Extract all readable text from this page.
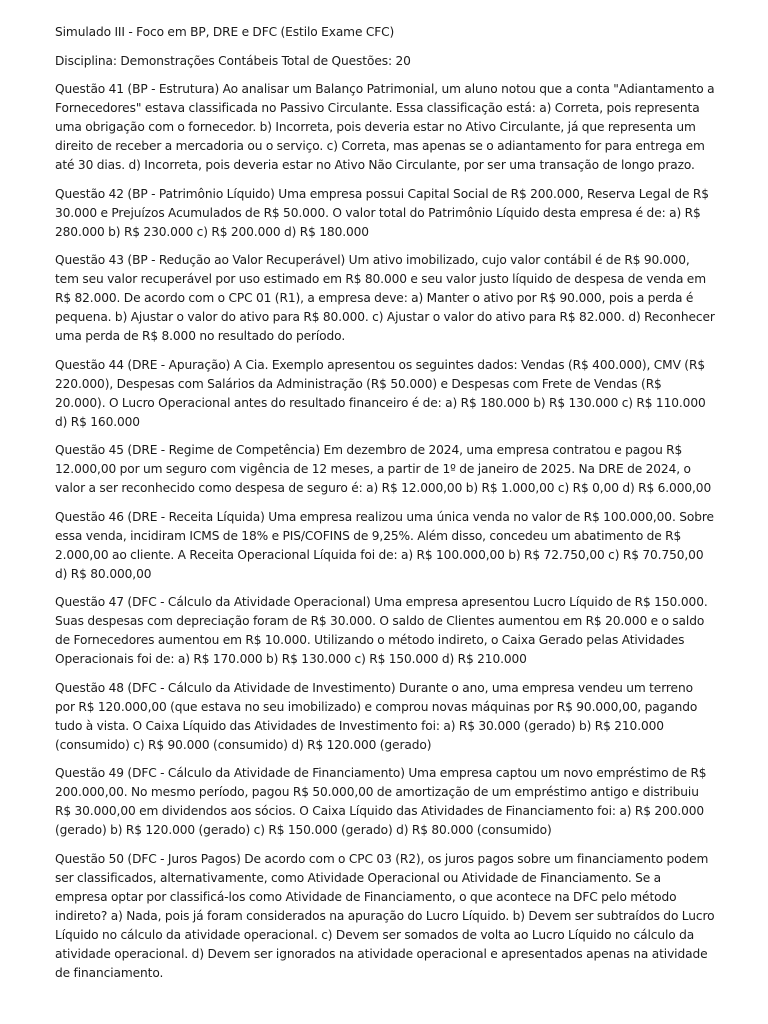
Simulado III - Foco em BP, DRE e DFC (Estilo Exame CFC)

Disciplina: Demonstrações Contábeis Total de Questões: 20

Questão 41 (BP - Estrutura) Ao analisar um Balanço Patrimonial, um aluno notou que a conta "Adiantamento a Fornecedores" estava classificada no Passivo Circulante. Essa classificação está: a) Correta, pois representa uma obrigação com o fornecedor. b) Incorreta, pois deveria estar no Ativo Circulante, já que representa um direito de receber a mercadoria ou o serviço. c) Correta, mas apenas se o adiantamento for para entrega em até 30 dias. d) Incorreta, pois deveria estar no Ativo Não Circulante, por ser uma transação de longo prazo.

Questão 42 (BP - Patrimônio Líquido) Uma empresa possui Capital Social de R$ 200.000, Reserva Legal de R$ 30.000 e Prejuízos Acumulados de R$ 50.000. O valor total do Patrimônio Líquido desta empresa é de: a) R$ 280.000 b) R$ 230.000 c) R$ 200.000 d) R$ 180.000

Questão 43 (BP - Redução ao Valor Recuperável) Um ativo imobilizado, cujo valor contábil é de R$ 90.000, tem seu valor recuperável por uso estimado em R$ 80.000 e seu valor justo líquido de despesa de venda em R$ 82.000. De acordo com o CPC 01 (R1), a empresa deve: a) Manter o ativo por R$ 90.000, pois a perda é pequena. b) Ajustar o valor do ativo para R$ 80.000. c) Ajustar o valor do ativo para R$ 82.000. d) Reconhecer uma perda de R$ 8.000 no resultado do período.

Questão 44 (DRE - Apuração) A Cia. Exemplo apresentou os seguintes dados: Vendas (R$ 400.000), CMV (R$ 220.000), Despesas com Salários da Administração (R$ 50.000) e Despesas com Frete de Vendas (R$ 20.000). O Lucro Operacional antes do resultado financeiro é de: a) R$ 180.000 b) R$ 130.000 c) R$ 110.000 d) R$ 160.000

Questão 45 (DRE - Regime de Competência) Em dezembro de 2024, uma empresa contratou e pagou R$ 12.000,00 por um seguro com vigência de 12 meses, a partir de 1º de janeiro de 2025. Na DRE de 2024, o valor a ser reconhecido como despesa de seguro é: a) R$ 12.000,00 b) R$ 1.000,00 c) R$ 0,00 d) R$ 6.000,00

Questão 46 (DRE - Receita Líquida) Uma empresa realizou uma única venda no valor de R$ 100.000,00. Sobre essa venda, incidiram ICMS de 18% e PIS/COFINS de 9,25%. Além disso, concedeu um abatimento de R$ 2.000,00 ao cliente. A Receita Operacional Líquida foi de: a) R$ 100.000,00 b) R$ 72.750,00 c) R$ 70.750,00 d) R$ 80.000,00

Questão 47 (DFC - Cálculo da Atividade Operacional) Uma empresa apresentou Lucro Líquido de R$ 150.000. Suas despesas com depreciação foram de R$ 30.000. O saldo de Clientes aumentou em R$ 20.000 e o saldo de Fornecedores aumentou em R$ 10.000. Utilizando o método indireto, o Caixa Gerado pelas Atividades Operacionais foi de: a) R$ 170.000 b) R$ 130.000 c) R$ 150.000 d) R$ 210.000

Questão 48 (DFC - Cálculo da Atividade de Investimento) Durante o ano, uma empresa vendeu um terreno por R$ 120.000,00 (que estava no seu imobilizado) e comprou novas máquinas por R$ 90.000,00, pagando tudo à vista. O Caixa Líquido das Atividades de Investimento foi: a) R$ 30.000 (gerado) b) R$ 210.000 (consumido) c) R$ 90.000 (consumido) d) R$ 120.000 (gerado)

Questão 49 (DFC - Cálculo da Atividade de Financiamento) Uma empresa captou um novo empréstimo de R$ 200.000,00. No mesmo período, pagou R$ 50.000,00 de amortização de um empréstimo antigo e distribuiu R$ 30.000,00 em dividendos aos sócios. O Caixa Líquido das Atividades de Financiamento foi: a) R$ 200.000 (gerado) b) R$ 120.000 (gerado) c) R$ 150.000 (gerado) d) R$ 80.000 (consumido)

Questão 50 (DFC - Juros Pagos) De acordo com o CPC 03 (R2), os juros pagos sobre um financiamento podem ser classificados, alternativamente, como Atividade Operacional ou Atividade de Financiamento. Se a empresa optar por classificá-los como Atividade de Financiamento, o que acontece na DFC pelo método indireto? a) Nada, pois já foram considerados na apuração do Lucro Líquido. b) Devem ser subtraídos do Lucro Líquido no cálculo da atividade operacional. c) Devem ser somados de volta ao Lucro Líquido no cálculo da atividade operacional. d) Devem ser ignorados na atividade operacional e apresentados apenas na atividade de financiamento.
